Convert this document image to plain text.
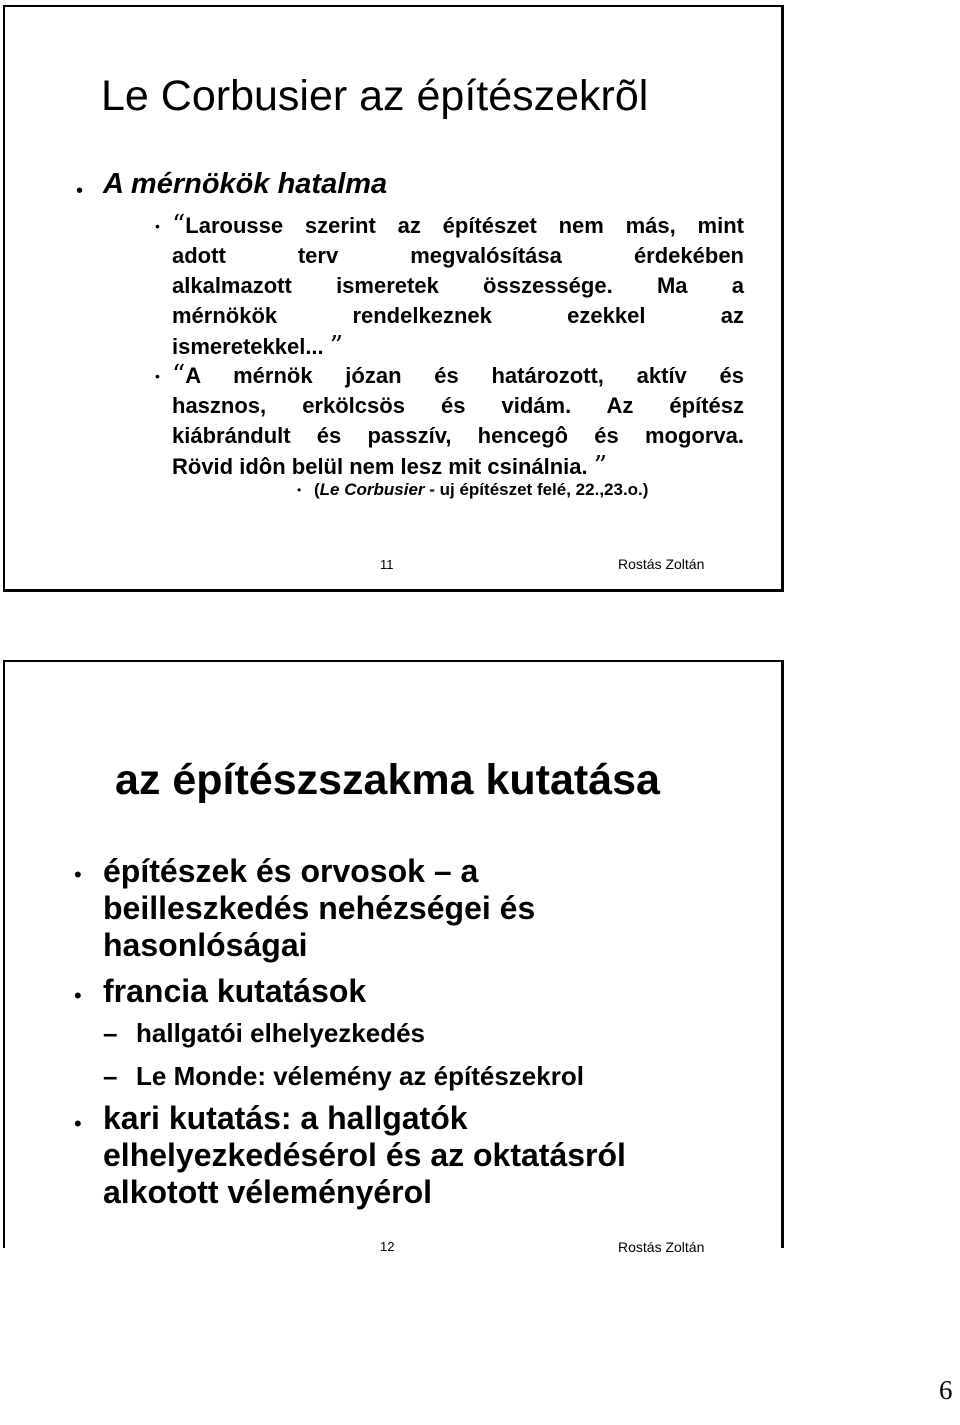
Le Corbusier az építészekrõl
• A mérnökök hatalma
• “Larousse szerint az építészet nem más, mint
adott terv megvalósítása érdekében
alkalmazott ismeretek összessége. Ma a
mérnökök rendelkeznek ezekkel az
ismeretekkel... ”
• “A mérnök józan és határozott, aktív és
hasznos, erkölcsös és vidám. Az építész
kiábrándult és passzív, hencegô és mogorva.
Rövid idôn belül nem lesz mit csinálnia. ”
• (Le Corbusier - uj építészet felé, 22.,23.o.)
11	Rostás Zoltán
az építészszakma kutatása
• építészek és orvosok – a
beilleszkedés nehézségei és
hasonlóságai
• francia kutatások
– hallgatói elhelyezkedés
– Le Monde: vélemény az építészekrol
• kari kutatás: a hallgatók
elhelyezkedésérol és az oktatásról
alkotott véleményérol
12	Rostás Zoltán
6
